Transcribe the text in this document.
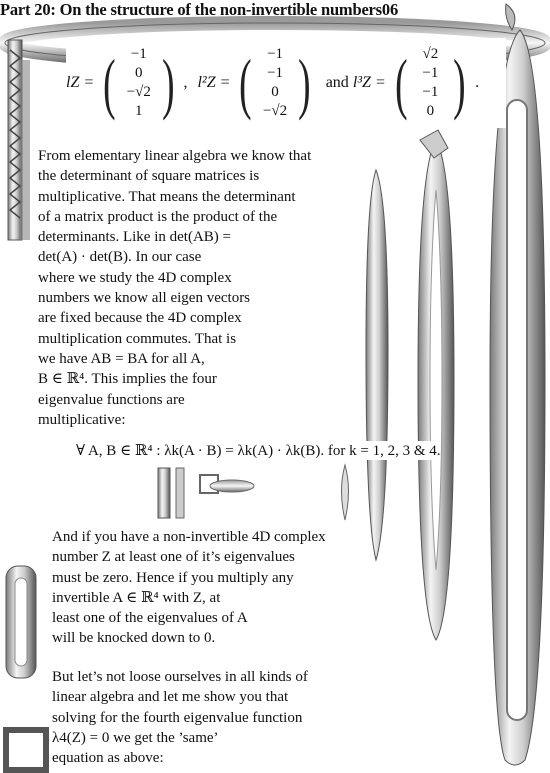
Part 20: On the structure of the non-invertible numbers06
lZ = ( −1
0
−√2
1 ) , l²Z = ( −1
−1
0
−√2 ) and l³Z = ( √2
−1
−1
0 ) .
From elementary linear algebra we know that
the determinant of square matrices is
multiplicative. That means the determinant
of a matrix product is the product of the
determinants. Like in det(AB) =
det(A) · det(B). In our case
where we study the 4D complex
numbers we know all eigen vectors
are fixed because the 4D complex
multiplication commutes. That is
we have AB = BA for all A,
B ∈ ℝ⁴. This implies the four
eigenvalue functions are
multiplicative:
∀ A, B ∈ ℝ⁴ : λk(A · B) = λk(A) · λk(B). for k = 1, 2, 3 & 4.
And if you have a non-invertible 4D complex
number Z at least one of it’s eigenvalues
must be zero. Hence if you multiply any
invertible A ∈ ℝ⁴ with Z, at
least one of the eigenvalues of A
will be knocked down to 0.
But let’s not loose ourselves in all kinds of
linear algebra and let me show you that
solving for the fourth eigenvalue function
λ4(Z) = 0 we get the ’same’
equation as above:
